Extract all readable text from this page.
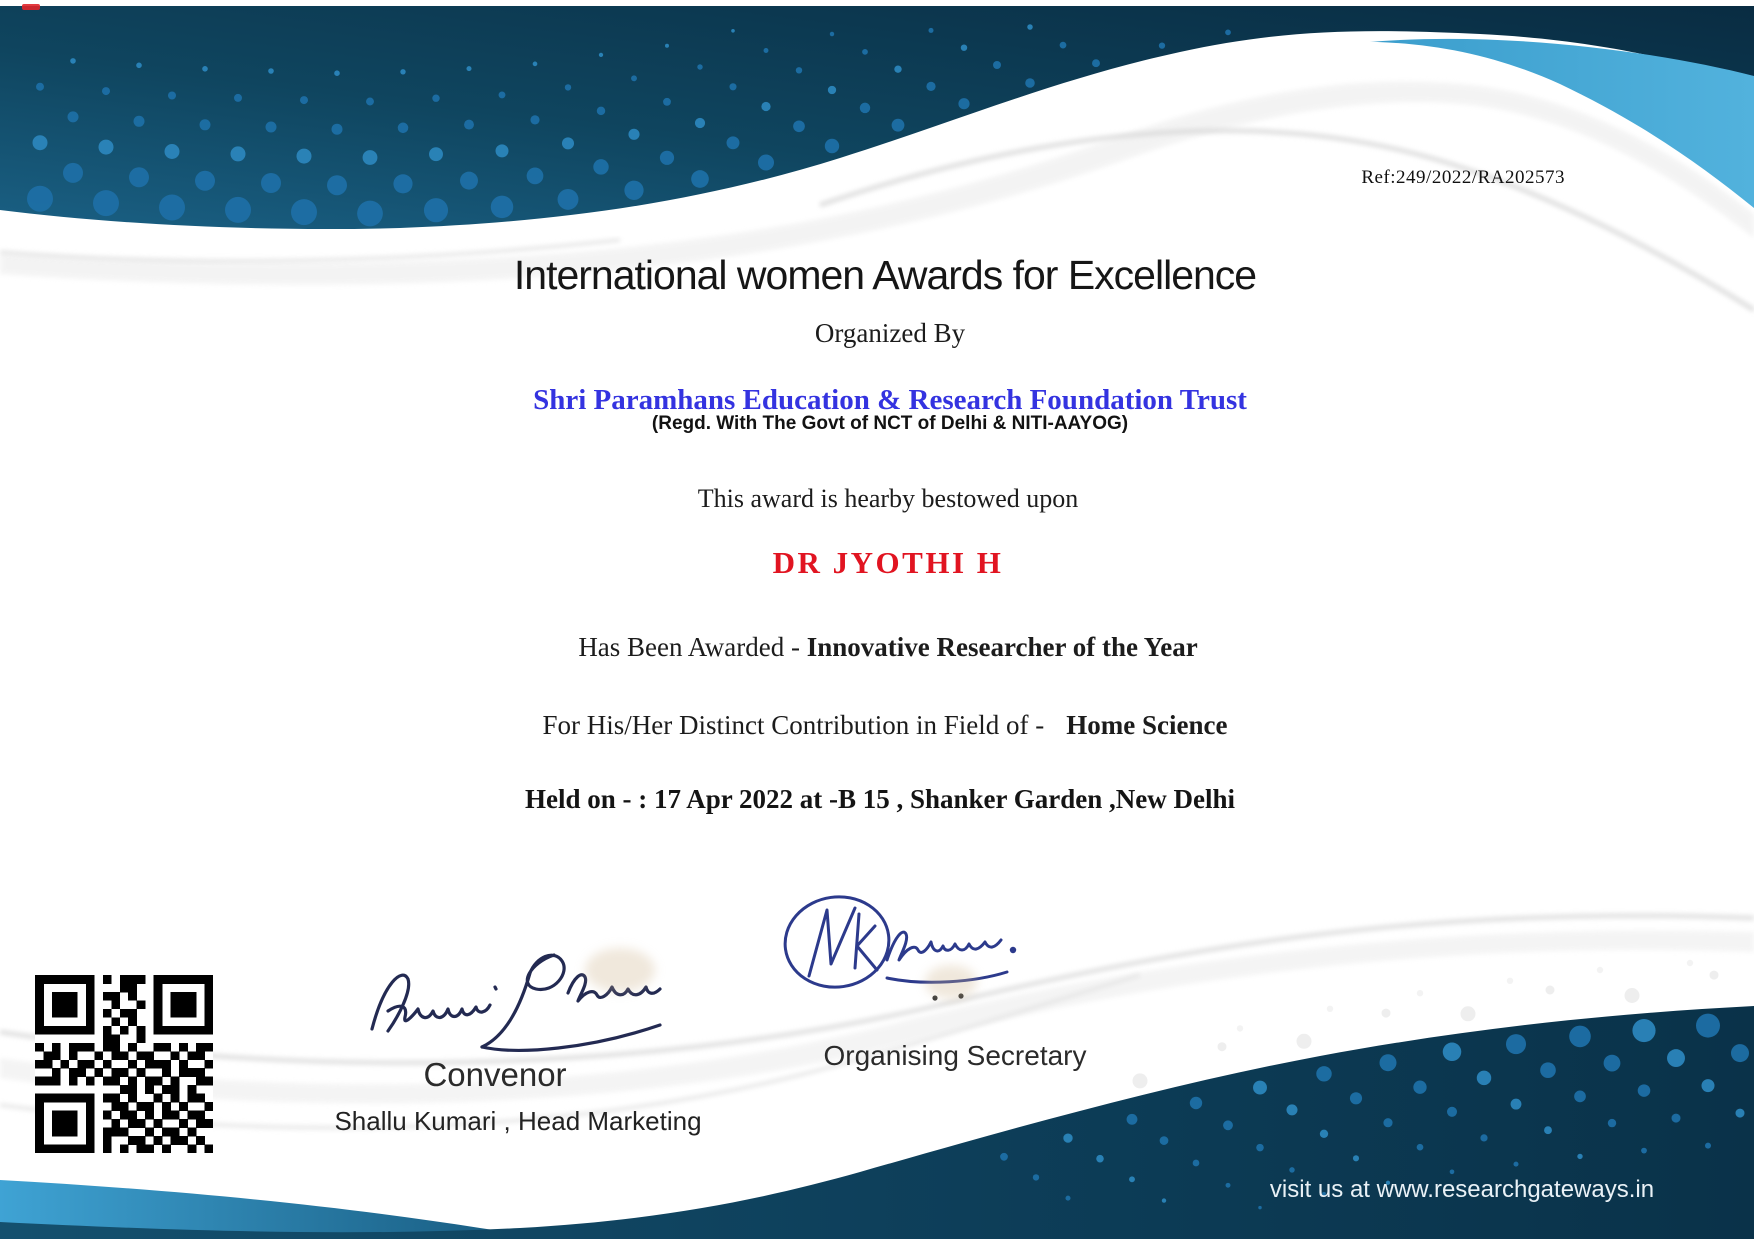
Ref:249/2022/RA202573
International women Awards for Excellence
Organized By
Shri Paramhans Education & Research Foundation Trust
(Regd. With The Govt of NCT of Delhi & NITI-AAYOG)
This award is hearby bestowed upon
DR JYOTHI H
Has Been Awarded - Innovative Researcher of the Year
For His/Her Distinct Contribution in Field of - Home Science
Held on - : 17 Apr 2022 at -B 15 , Shanker Garden ,New Delhi
Convenor
Shallu Kumari , Head Marketing
Organising Secretary
visit us at www.researchgateways.in
